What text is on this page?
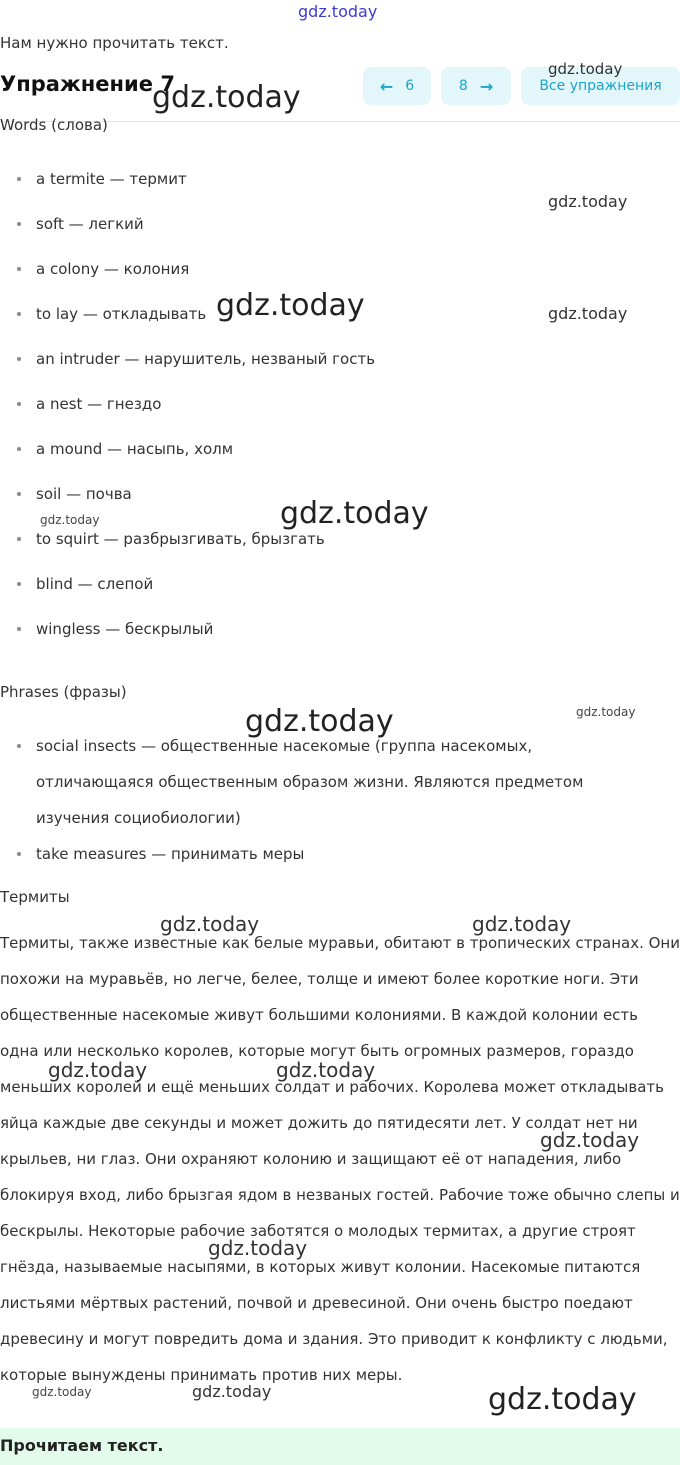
gdz.today
Нам нужно прочитать текст.
Упражнение 7	← 6	8 →	Все упражнения
Words (слова)
a termite — термит
soft — легкий
a colony — колония
to lay — откладывать
an intruder — нарушитель, незваный гость
a nest — гнездо
a mound — насыпь, холм
soil — почва
to squirt — разбрызгивать, брызгать
blind — слепой
wingless — бескрылый
Phrases (фразы)
social insects — общественные насекомые (группа насекомых, отличающаяся общественным образом жизни. Являются предметом изучения социобиологии)
take measures — принимать меры
Термиты
Термиты, также известные как белые муравьи, обитают в тропических странах. Они похожи на муравьёв, но легче, белее, толще и имеют более короткие ноги. Эти общественные насекомые живут большими колониями. В каждой колонии есть одна или несколько королев, которые могут быть огромных размеров, гораздо меньших королей и ещё меньших солдат и рабочих. Королева может откладывать яйца каждые две секунды и может дожить до пятидесяти лет. У солдат нет ни крыльев, ни глаз. Они охраняют колонию и защищают её от нападения, либо блокируя вход, либо брызгая ядом в незваных гостей. Рабочие тоже обычно слепы и бескрылы. Некоторые рабочие заботятся о молодых термитах, а другие строят гнёзда, называемые насыпями, в которых живут колонии. Насекомые питаются листьями мёртвых растений, почвой и древесиной. Они очень быстро поедают древесину и могут повредить дома и здания. Это приводит к конфликту с людьми, которые вынуждены принимать против них меры.
Прочитаем текст.
gdz.today
gdz.today
gdz.today
gdz.today	gdz.today
gdz.today	gdz.today
gdz.today	gdz.today
gdz.today	gdz.today
gdz.today	gdz.today
gdz.today
gdz.today
gdz.today	gdz.today	gdz.today
